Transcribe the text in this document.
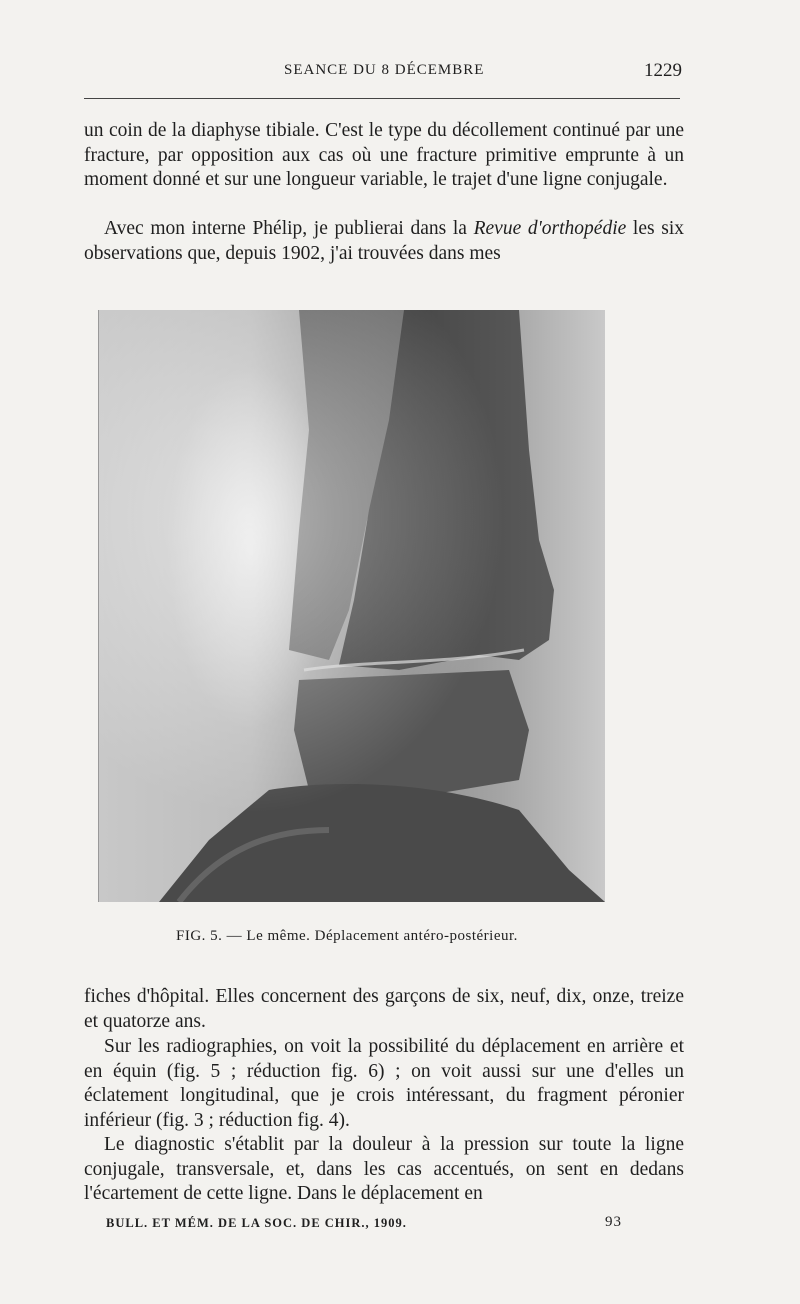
SEANCE DU 8 DÉCEMBRE	1229

un coin de la diaphyse tibiale. C'est le type du décollement continué par une fracture, par opposition aux cas où une fracture primitive emprunte à un moment donné et sur une longueur variable, le trajet d'une ligne conjugale.

Avec mon interne Phélip, je publierai dans la Revue d'orthopédie les six observations que, depuis 1902, j'ai trouvées dans mes

FIG. 5. — Le même. Déplacement antéro-postérieur.

fiches d'hôpital. Elles concernent des garçons de six, neuf, dix, onze, treize et quatorze ans.

Sur les radiographies, on voit la possibilité du déplacement en arrière et en équin (fig. 5 ; réduction fig. 6) ; on voit aussi sur une d'elles un éclatement longitudinal, que je crois intéressant, du fragment péronier inférieur (fig. 3 ; réduction fig. 4).

Le diagnostic s'établit par la douleur à la pression sur toute la ligne conjugale, transversale, et, dans les cas accentués, on sent en dedans l'écartement de cette ligne. Dans le déplacement en

BULL. ET MÉM. DE LA SOC. DE CHIR., 1909.	93
